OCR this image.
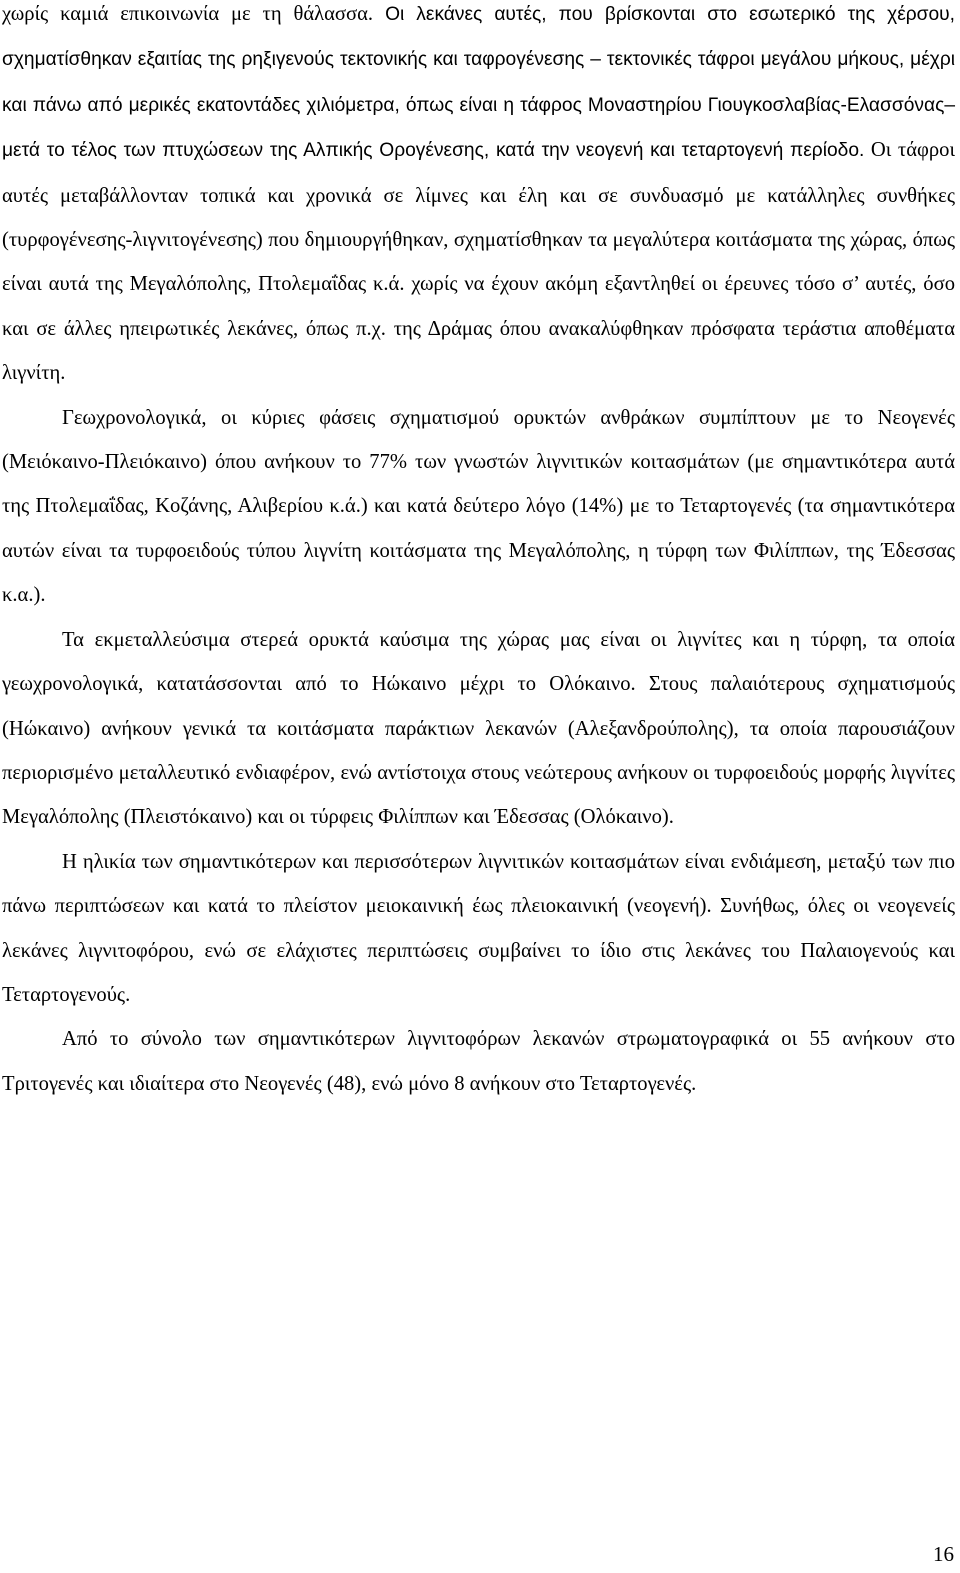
χωρίς καμιά επικοινωνία με τη θάλασσα. Οι λεκάνες αυτές, που βρίσκονται στο εσωτερικό της χέρσου, σχηματίσθηκαν εξαιτίας της ρηξιγενούς τεκτονικής και ταφρογένεσης – τεκτονικές τάφροι μεγάλου μήκους, μέχρι και πάνω από μερικές εκατοντάδες χιλιόμετρα, όπως είναι η τάφρος Μοναστηρίου Γιουγκοσλαβίας-Ελασσόνας– μετά το τέλος των πτυχώσεων της Αλπικής Ορογένεσης, κατά την νεογενή και τεταρτογενή περίοδο. Οι τάφροι αυτές μεταβάλλονταν τοπικά και χρονικά σε λίμνες και έλη και σε συνδυασμό με κατάλληλες συνθήκες (τυρφογένεσης-λιγνιτογένεσης) που δημιουργήθηκαν, σχηματίσθηκαν τα μεγαλύτερα κοιτάσματα της χώρας, όπως είναι αυτά της Μεγαλόπολης, Πτολεμαΐδας κ.ά. χωρίς να έχουν ακόμη εξαντληθεί οι έρευνες τόσο σ’ αυτές, όσο και σε άλλες ηπειρωτικές λεκάνες, όπως π.χ. της Δράμας όπου ανακαλύφθηκαν πρόσφατα τεράστια αποθέματα λιγνίτη.

Γεωχρονολογικά, οι κύριες φάσεις σχηματισμού ορυκτών ανθράκων συμπίπτουν με το Νεογενές (Μειόκαινο-Πλειόκαινο) όπου ανήκουν το 77% των γνωστών λιγνιτικών κοιτασμάτων (με σημαντικότερα αυτά της Πτολεμαΐδας, Κοζάνης, Αλιβερίου κ.ά.) και κατά δεύτερο λόγο (14%) με το Τεταρτογενές (τα σημαντικότερα αυτών είναι τα τυρφοειδούς τύπου λιγνίτη κοιτάσματα της Μεγαλόπολης, η τύρφη των Φιλίππων, της Έδεσσας κ.α.).

Τα εκμεταλλεύσιμα στερεά ορυκτά καύσιμα της χώρας μας είναι οι λιγνίτες και η τύρφη, τα οποία γεωχρονολογικά, κατατάσσονται από το Ηώκαινο μέχρι το Ολόκαινο. Στους παλαιότερους σχηματισμούς (Ηώκαινο) ανήκουν γενικά τα κοιτάσματα παράκτιων λεκανών (Αλεξανδρούπολης), τα οποία παρουσιάζουν περιορισμένο μεταλλευτικό ενδιαφέρον, ενώ αντίστοιχα στους νεώτερους ανήκουν οι τυρφοειδούς μορφής λιγνίτες Μεγαλόπολης (Πλειστόκαινο) και οι τύρφεις Φιλίππων και Έδεσσας (Ολόκαινο).

Η ηλικία των σημαντικότερων και περισσότερων λιγνιτικών κοιτασμάτων είναι ενδιάμεση, μεταξύ των πιο πάνω περιπτώσεων και κατά το πλείστον μειοκαινική έως πλειοκαινική (νεογενή). Συνήθως, όλες οι νεογενείς λεκάνες λιγνιτοφόρου, ενώ σε ελάχιστες περιπτώσεις συμβαίνει το ίδιο στις λεκάνες του Παλαιογενούς και Τεταρτογενούς.

Από το σύνολο των σημαντικότερων λιγνιτοφόρων λεκανών στρωματογραφικά οι 55 ανήκουν στο Τριτογενές και ιδιαίτερα στο Νεογενές (48), ενώ μόνο 8 ανήκουν στο Τεταρτογενές.

16
